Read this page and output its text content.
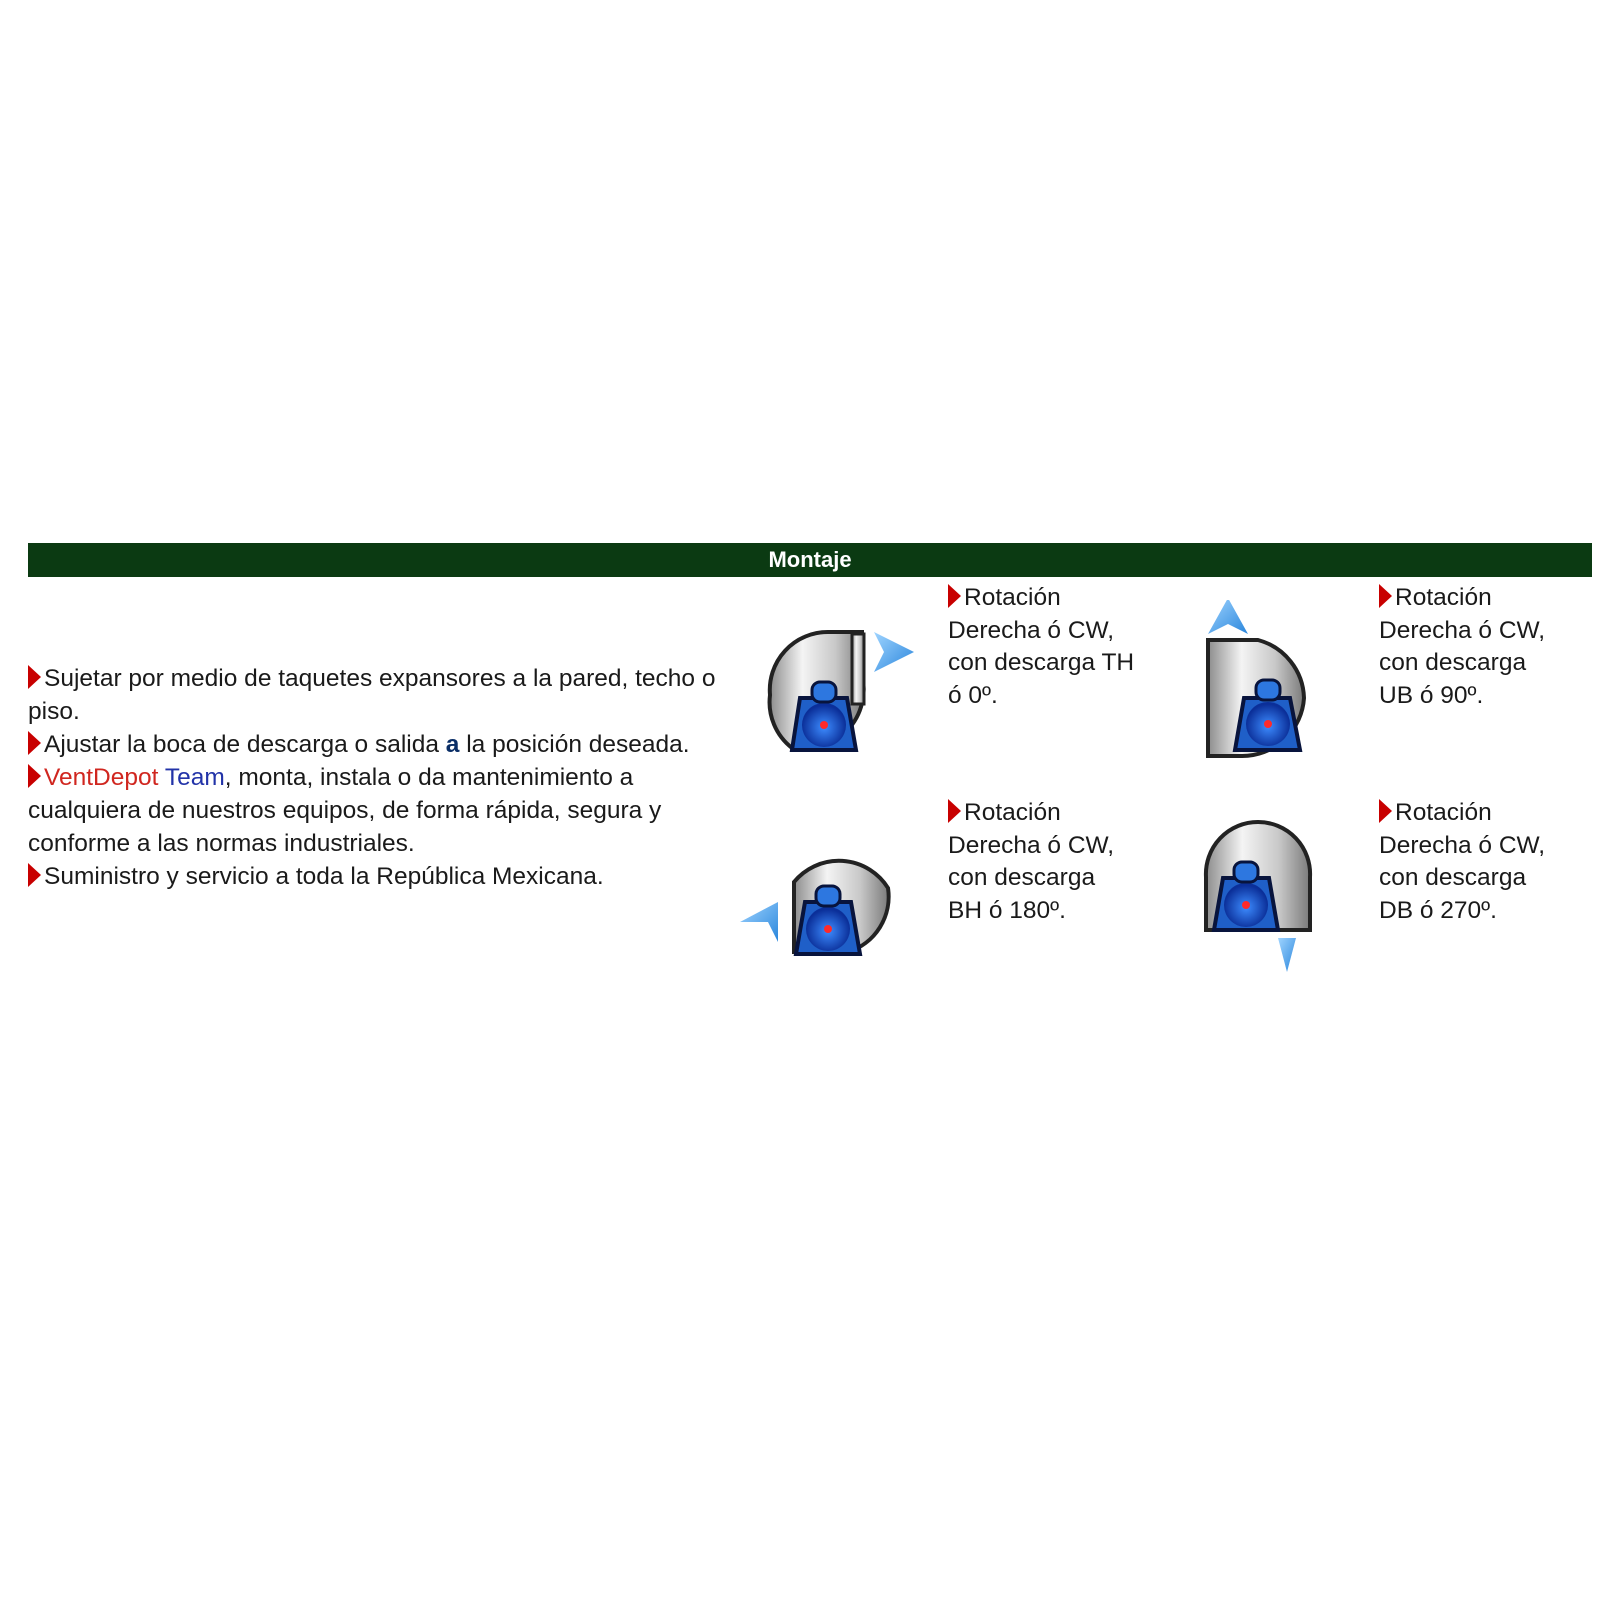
Montaje

Sujetar por medio de taquetes expansores a la pared, techo o piso.

Ajustar la boca de descarga o salida a la posición deseada.

VentDepot Team, monta, instala o da mantenimiento a cualquiera de nuestros equipos, de forma rápida, segura y conforme a las normas industriales.

Suministro y servicio a toda la República Mexicana.

Rotación

Derecha ó CW,

con descarga TH

ó 0º.

Rotación

Derecha ó CW,

con descarga

UB ó 90º.

Rotación

Derecha ó CW,

con descarga

BH ó 180º.

Rotación

Derecha ó CW,

con descarga

DB ó 270º.
